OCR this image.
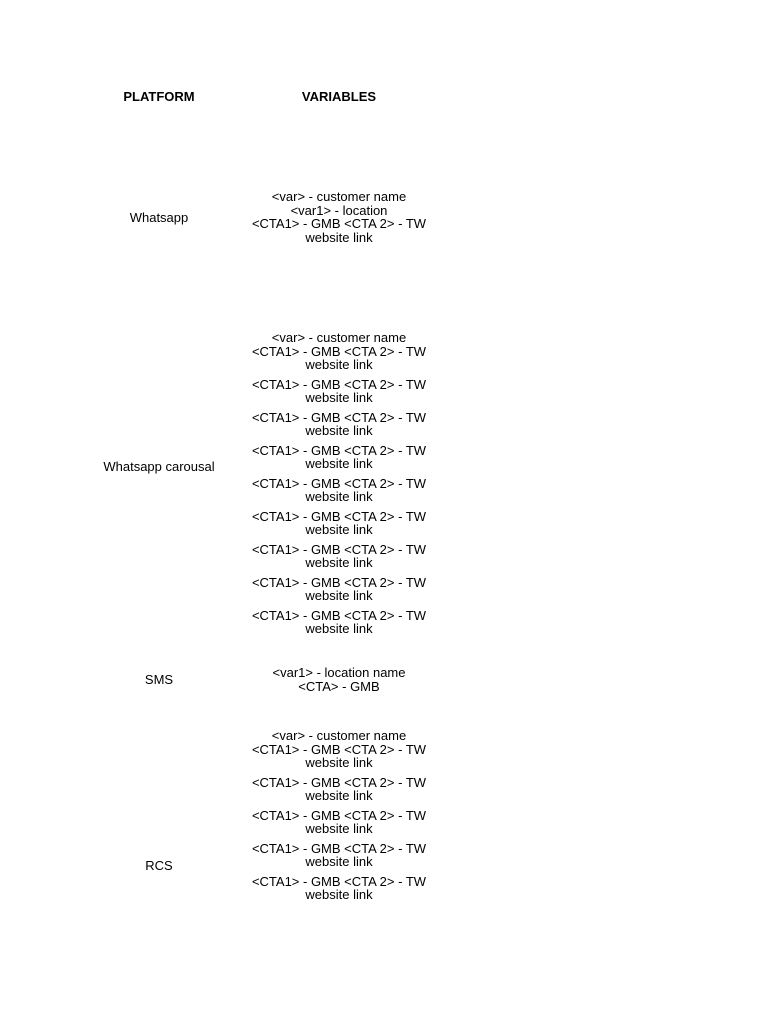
PLATFORM	VARIABLES
Whatsapp
<var> - customer name
<var1> - location
<CTA1> - GMB <CTA 2> - TW
website link
Whatsapp carousal
<var> - customer name
<CTA1> - GMB <CTA 2> - TW
website link
<CTA1> - GMB <CTA 2> - TW
website link
<CTA1> - GMB <CTA 2> - TW
website link
<CTA1> - GMB <CTA 2> - TW
website link
<CTA1> - GMB <CTA 2> - TW
website link
<CTA1> - GMB <CTA 2> - TW
website link
<CTA1> - GMB <CTA 2> - TW
website link
<CTA1> - GMB <CTA 2> - TW
website link
<CTA1> - GMB <CTA 2> - TW
website link
SMS	<var1> - location name
<CTA> - GMB
RCS
<var> - customer name
<CTA1> - GMB <CTA 2> - TW
website link
<CTA1> - GMB <CTA 2> - TW
website link
<CTA1> - GMB <CTA 2> - TW
website link
<CTA1> - GMB <CTA 2> - TW
website link
<CTA1> - GMB <CTA 2> - TW
website link
